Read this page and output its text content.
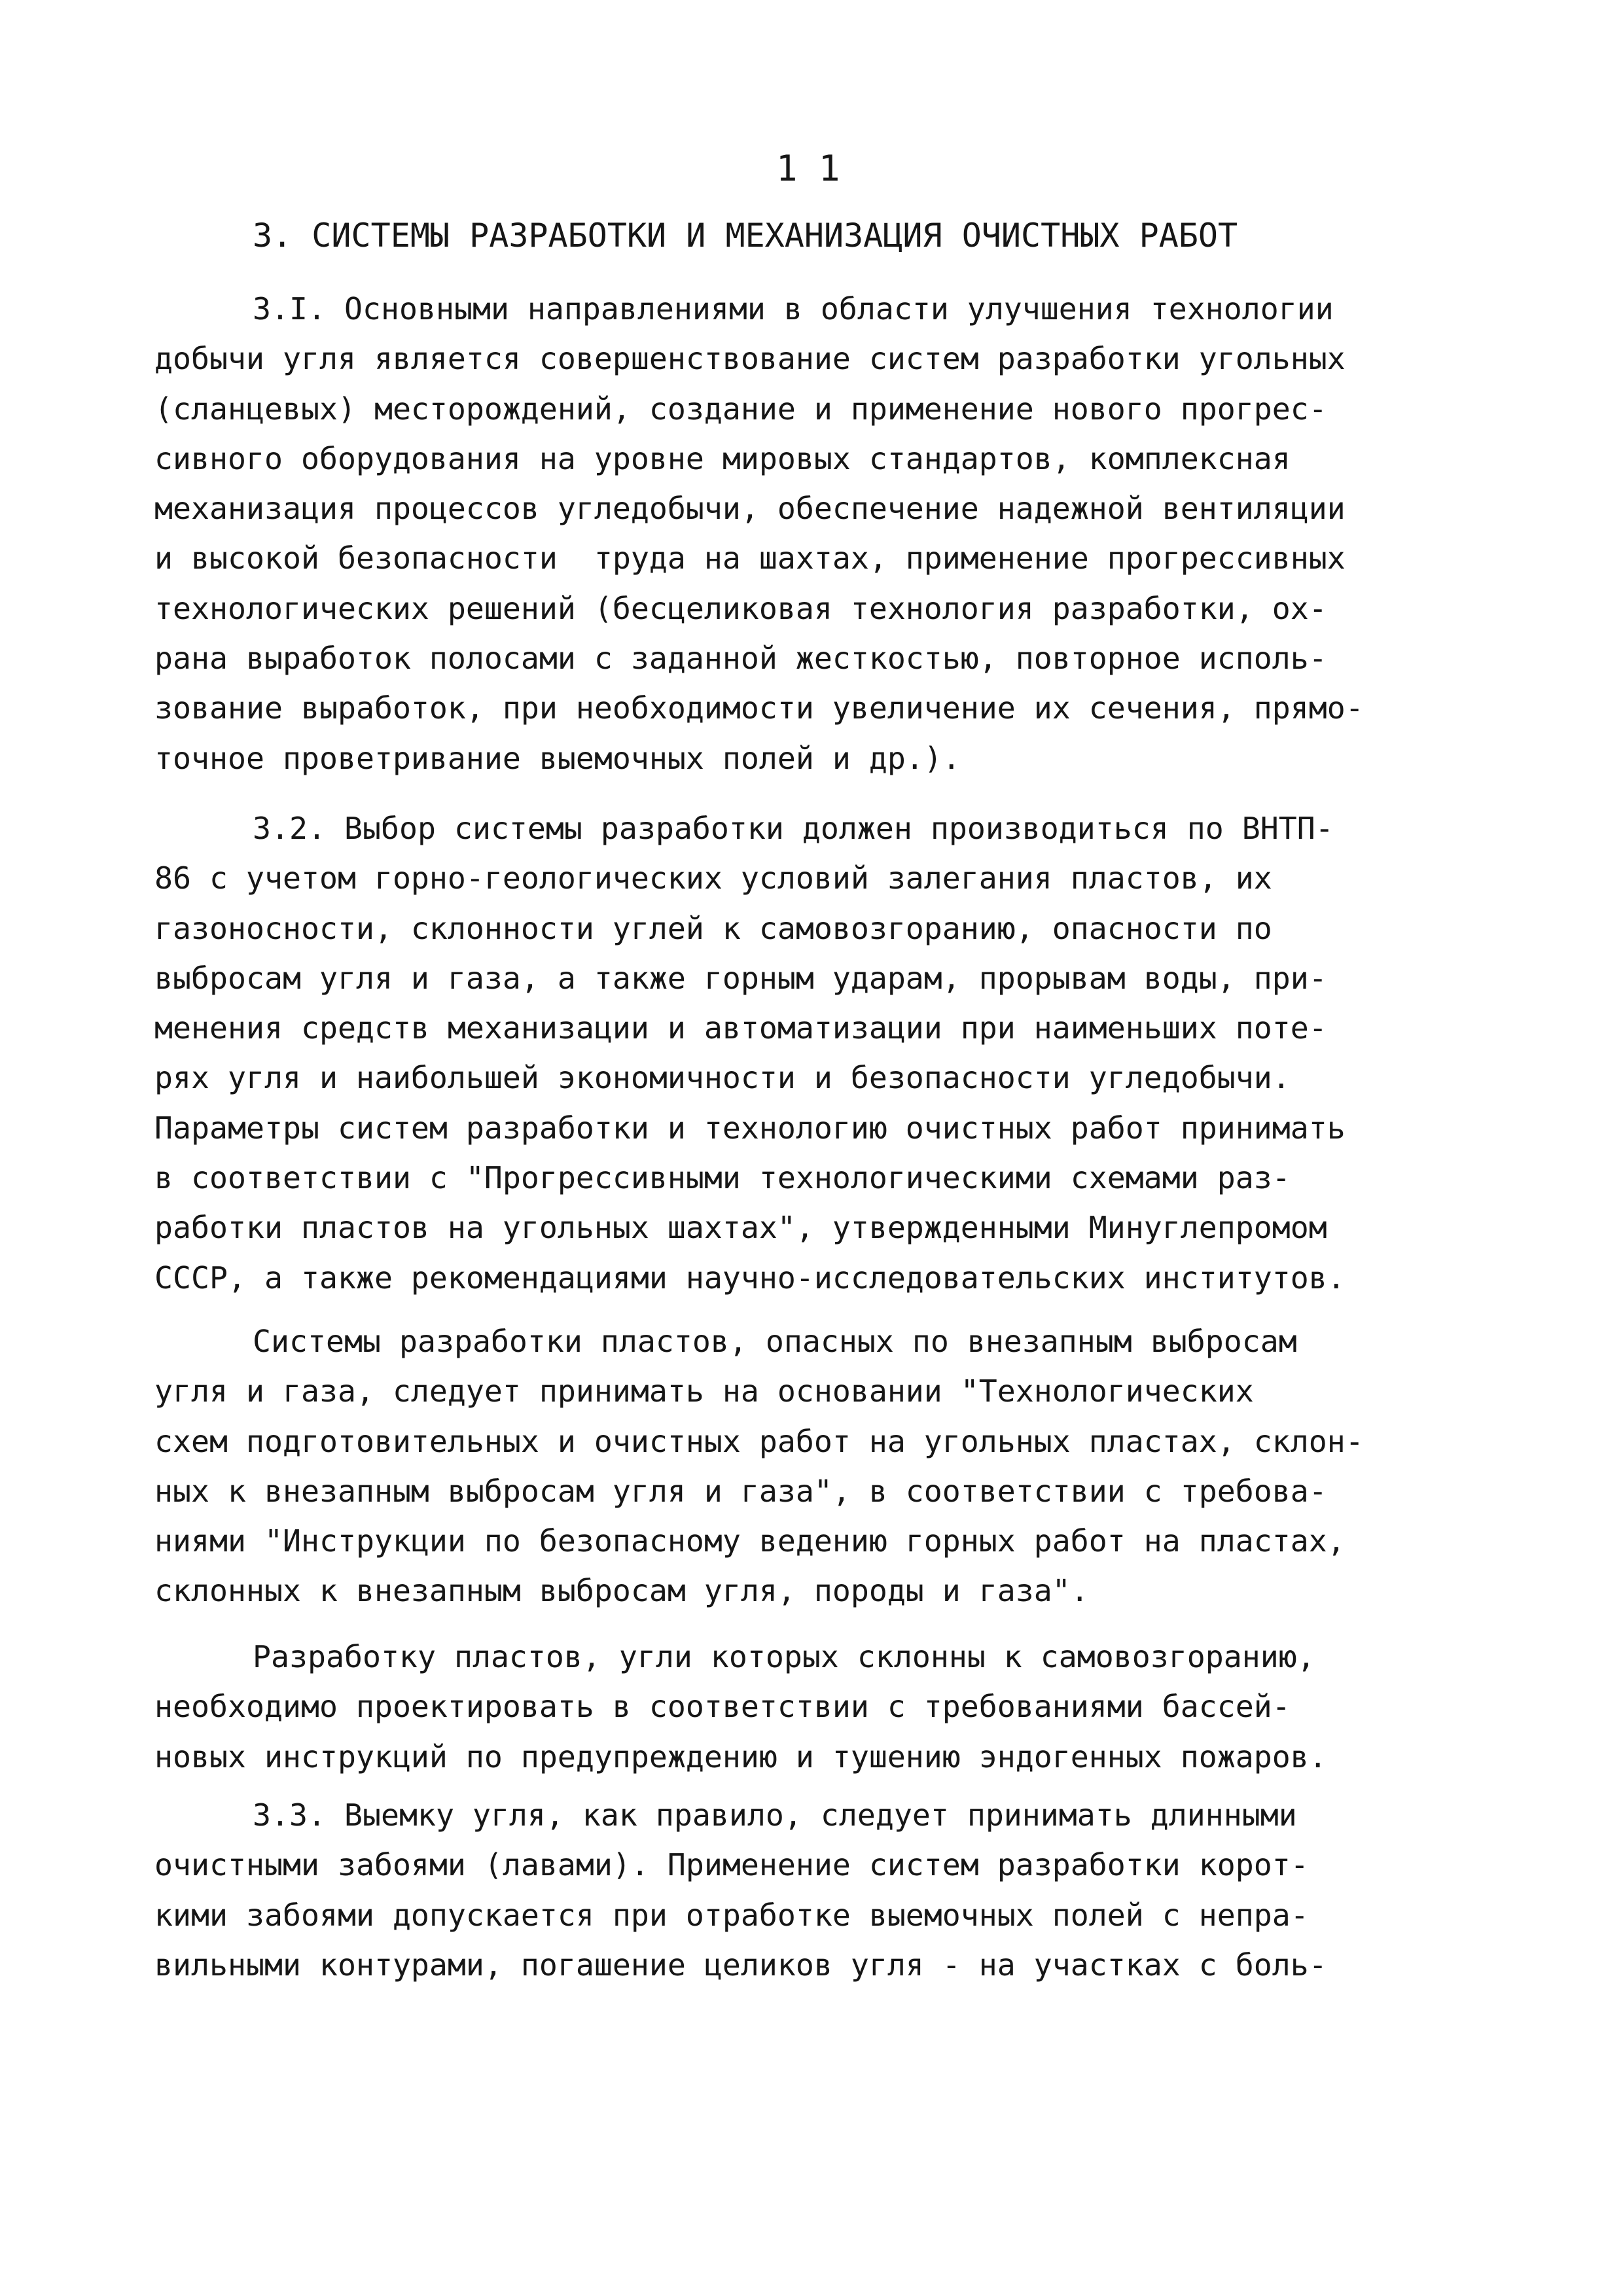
1 1
3. СИСТЕМЫ РАЗРАБОТКИ И МЕХАНИЗАЦИЯ ОЧИСТНЫХ РАБОТ
3.I. Основными направлениями в области улучшения технологии
добычи угля является совершенствование систем разработки угольных
(сланцевых) месторождений, создание и применение нового прогрес-
сивного оборудования на уровне мировых стандартов, комплексная
механизация процессов угледобычи, обеспечение надежной вентиляции
и высокой безопасности  труда на шахтах, применение прогрессивных
технологических решений (бесцеликовая технология разработки, ох-
рана выработок полосами с заданной жесткостью, повторное исполь-
зование выработок, при необходимости увеличение их сечения, прямо-
точное проветривание выемочных полей и др.).
3.2. Выбор системы разработки должен производиться по ВНТП-
86 с учетом горно-геологических условий залегания пластов, их
газоносности, склонности углей к самовозгоранию, опасности по
выбросам угля и газа, а также горным ударам, прорывам воды, при-
менения средств механизации и автоматизации при наименьших поте-
рях угля и наибольшей экономичности и безопасности угледобычи.
Параметры систем разработки и технологию очистных работ принимать
в соответствии с "Прогрессивными технологическими схемами раз-
работки пластов на угольных шахтах", утвержденными Минуглепромом
СССР, а также рекомендациями научно-исследовательских институтов.
Системы разработки пластов, опасных по внезапным выбросам
угля и газа, следует принимать на основании "Технологических
схем подготовительных и очистных работ на угольных пластах, склон-
ных к внезапным выбросам угля и газа", в соответствии с требова-
ниями "Инструкции по безопасному ведению горных работ на пластах,
склонных к внезапным выбросам угля, породы и газа".
Разработку пластов, угли которых склонны к самовозгоранию,
необходимо проектировать в соответствии с требованиями бассей-
новых инструкций по предупреждению и тушению эндогенных пожаров.
3.3. Выемку угля, как правило, следует принимать длинными
очистными забоями (лавами). Применение систем разработки корот-
кими забоями допускается при отработке выемочных полей с непра-
вильными контурами, погашение целиков угля - на участках с боль-
